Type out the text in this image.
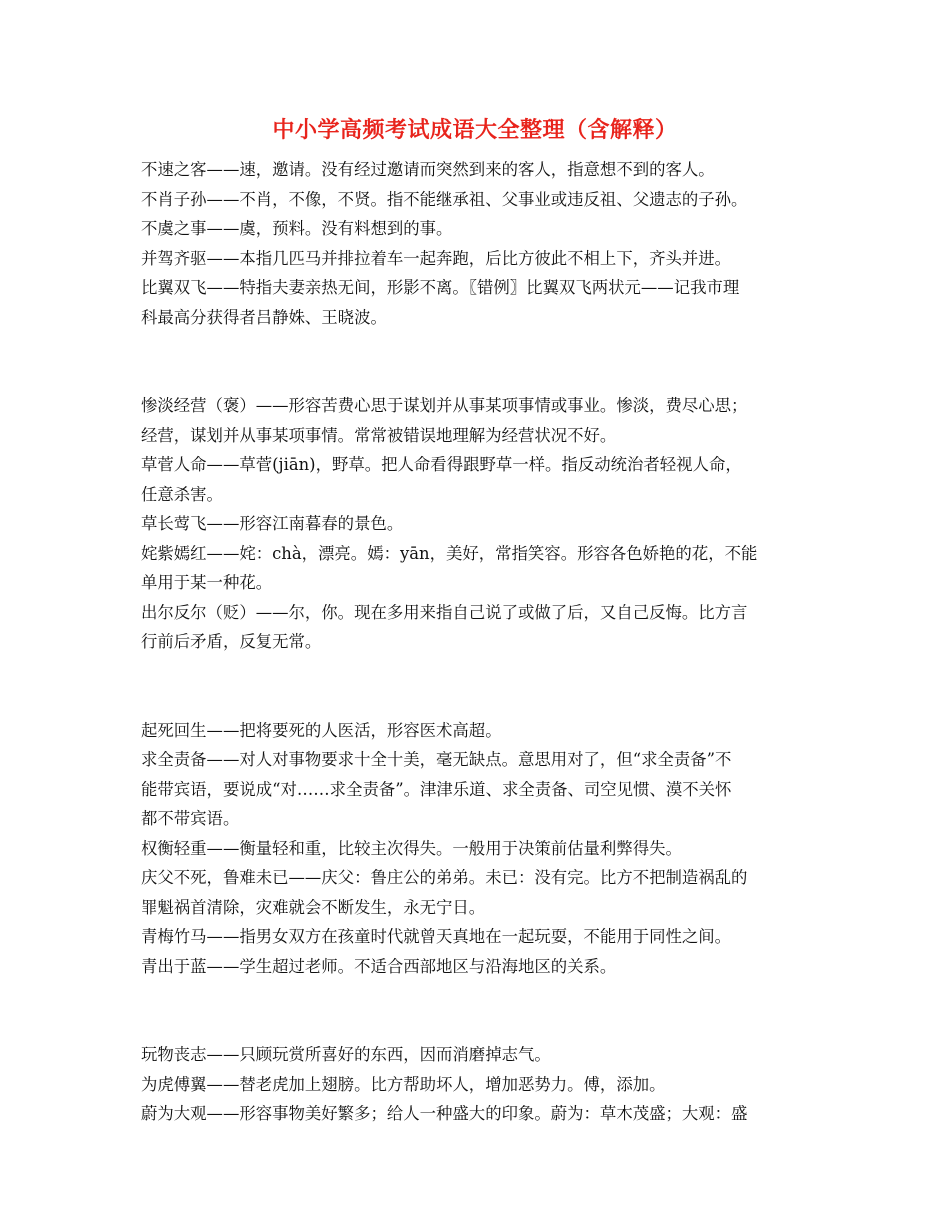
中小学高频考试成语大全整理（含解释）
不速之客——速，邀请。没有经过邀请而突然到来的客人，指意想不到的客人。
不肖子孙——不肖，不像，不贤。指不能继承祖、父事业或违反祖、父遗志的子孙。
不虞之事——虞，预料。没有料想到的事。
并驾齐驱——本指几匹马并排拉着车一起奔跑，后比方彼此不相上下，齐头并进。
比翼双飞——特指夫妻亲热无间，形影不离。〖错例〗比翼双飞两状元——记我市理
科最高分获得者吕静姝、王晓波。
惨淡经营（褒）——形容苦费心思于谋划并从事某项事情或事业。惨淡，费尽心思；
经营，谋划并从事某项事情。常常被错误地理解为经营状况不好。
草菅人命——草菅(jiān)，野草。把人命看得跟野草一样。指反动统治者轻视人命，
任意杀害。
草长莺飞——形容江南暮春的景色。
姹紫嫣红——姹：chà，漂亮。嫣：yān，美好，常指笑容。形容各色娇艳的花，不能
单用于某一种花。
出尔反尔（贬）——尔，你。现在多用来指自己说了或做了后，又自己反悔。比方言
行前后矛盾，反复无常。
起死回生——把将要死的人医活，形容医术高超。
求全责备——对人对事物要求十全十美，毫无缺点。意思用对了，但“求全责备”不
能带宾语，要说成“对……求全责备”。津津乐道、求全责备、司空见惯、漠不关怀
都不带宾语。
权衡轻重——衡量轻和重，比较主次得失。一般用于决策前估量利弊得失。
庆父不死，鲁难未已——庆父：鲁庄公的弟弟。未已：没有完。比方不把制造祸乱的
罪魁祸首清除，灾难就会不断发生，永无宁日。
青梅竹马——指男女双方在孩童时代就曾天真地在一起玩耍，不能用于同性之间。
青出于蓝——学生超过老师。不适合西部地区与沿海地区的关系。
玩物丧志——只顾玩赏所喜好的东西，因而消磨掉志气。
为虎傅翼——替老虎加上翅膀。比方帮助坏人，增加恶势力。傅，添加。
蔚为大观——形容事物美好繁多；给人一种盛大的印象。蔚为：草木茂盛；大观：盛
